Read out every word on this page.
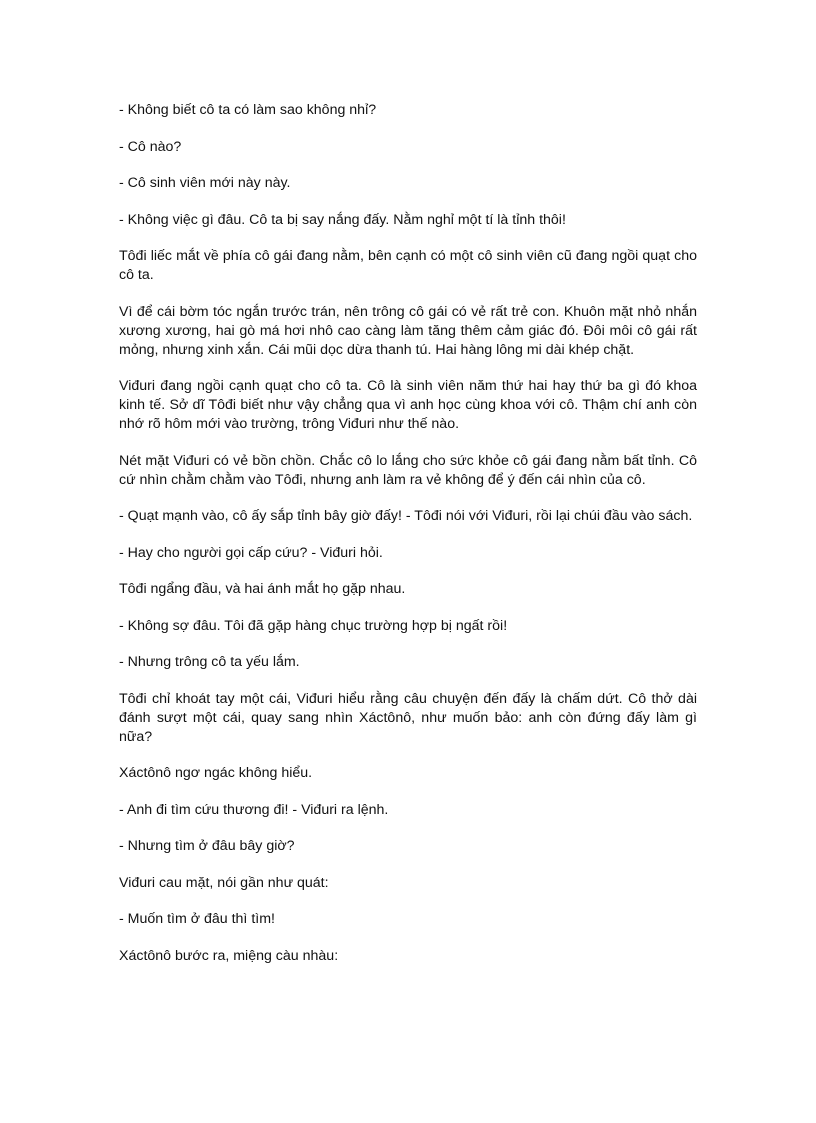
- Không biết cô ta có làm sao không nhỉ?

- Cô nào?

- Cô sinh viên mới này này.

- Không việc gì đâu. Cô ta bị say nắng đấy. Nằm nghỉ một tí là tỉnh thôi!

Tôđi liếc mắt về phía cô gái đang nằm, bên cạnh có một cô sinh viên cũ đang ngồi quạt cho cô ta.

Vì để cái bờm tóc ngắn trước trán, nên trông cô gái có vẻ rất trẻ con. Khuôn mặt nhỏ nhắn xương xương, hai gò má hơi nhô cao càng làm tăng thêm cảm giác đó. Đôi môi cô gái rất mỏng, nhưng xinh xắn. Cái mũi dọc dừa thanh tú. Hai hàng lông mi dài khép chặt.

Viđuri đang ngồi cạnh quạt cho cô ta. Cô là sinh viên năm thứ hai hay thứ ba gì đó khoa kinh tế. Sở dĩ Tôđi biết như vậy chẳng qua vì anh học cùng khoa với cô. Thậm chí anh còn nhớ rõ hôm mới vào trường, trông Viđuri như thế nào.

Nét mặt Viđuri có vẻ bồn chồn. Chắc cô lo lắng cho sức khỏe cô gái đang nằm bất tỉnh. Cô cứ nhìn chằm chằm vào Tôđi, nhưng anh làm ra vẻ không để ý đến cái nhìn của cô.

- Quạt mạnh vào, cô ấy sắp tỉnh bây giờ đấy! - Tôđi nói với Viđuri, rồi lại chúi đầu vào sách.

- Hay cho người gọi cấp cứu? - Viđuri hỏi.

Tôđi ngẩng đầu, và hai ánh mắt họ gặp nhau.

- Không sợ đâu. Tôi đã gặp hàng chục trường hợp bị ngất rồi!

- Nhưng trông cô ta yếu lắm.

Tôđi chỉ khoát tay một cái, Viđuri hiểu rằng câu chuyện đến đấy là chấm dứt. Cô thở dài đánh sượt một cái, quay sang nhìn Xáctônô, như muốn bảo: anh còn đứng đấy làm gì nữa?

Xáctônô ngơ ngác không hiểu.

- Anh đi tìm cứu thương đi! - Viđuri ra lệnh.

- Nhưng tìm ở đâu bây giờ?

Viđuri cau mặt, nói gần như quát:

- Muốn tìm ở đâu thì tìm!

Xáctônô bước ra, miệng càu nhàu:
